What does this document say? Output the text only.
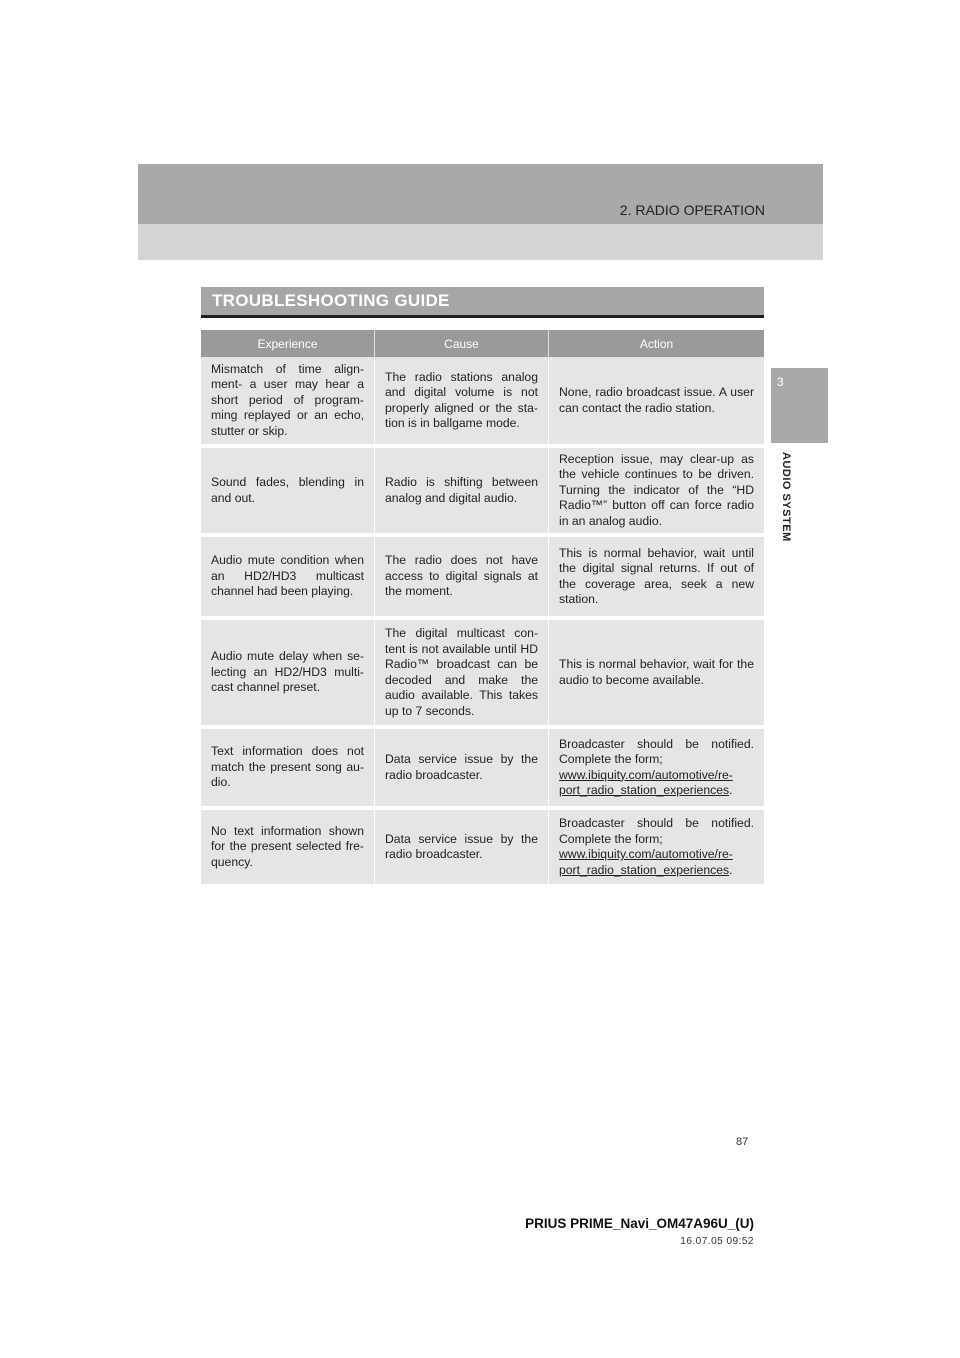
2. RADIO OPERATION
3
AUDIO SYSTEM
TROUBLESHOOTING GUIDE
Experience	Cause	Action
Mismatch of time align-ment- a user may hear a short period of program-ming replayed or an echo, stutter or skip.
The radio stations analog and digital volume is not properly aligned or the sta-tion is in ballgame mode.
None, radio broadcast issue. A user can contact the radio station.
Sound fades, blending in and out.
Radio is shifting between analog and digital audio.
Reception issue, may clear-up as the vehicle continues to be driven. Turning the indicator of the “HD Radio™” button off can force radio in an analog audio.
Audio mute condition when an HD2/HD3 multicast channel had been playing.
The radio does not have access to digital signals at the moment.
This is normal behavior, wait until the digital signal returns. If out of the coverage area, seek a new station.
Audio mute delay when se-lecting an HD2/HD3 multi-cast channel preset.
The digital multicast con-tent is not available until HD Radio™ broadcast can be decoded and make the audio available. This takes up to 7 seconds.
This is normal behavior, wait for the audio to become available.
Text information does not match the present song au-dio.
Data service issue by the radio broadcaster.
Broadcaster should be notified. Complete the form;
www.ibiquity.com/automotive/re-port_radio_station_experiences.
No text information shown for the present selected fre-quency.
Data service issue by the radio broadcaster.
Broadcaster should be notified. Complete the form;
www.ibiquity.com/automotive/re-port_radio_station_experiences.
87
PRIUS PRIME_Navi_OM47A96U_(U)
16.07.05 09:52
